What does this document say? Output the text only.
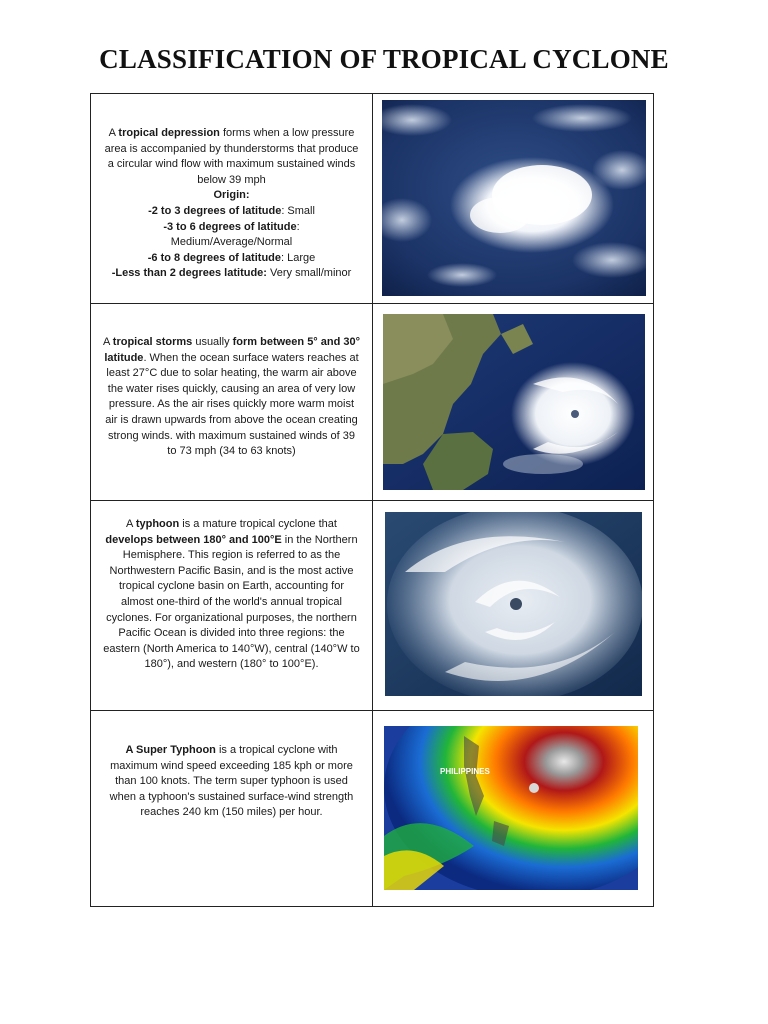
CLASSIFICATION OF TROPICAL CYCLONE

A tropical depression forms when a low pressure area is accompanied by thunderstorms that produce a circular wind flow with maximum sustained winds below 39 mph

Origin:

-2 to 3 degrees of latitude: Small

-3 to 6 degrees of latitude: Medium/Average/Normal

-6 to 8 degrees of latitude: Large

-Less than 2 degrees latitude: Very small/minor

A tropical storms usually form between 5° and 30° latitude. When the ocean surface waters reaches at least 27°C due to solar heating, the warm air above the water rises quickly, causing an area of very low pressure. As the air rises quickly more warm moist air is drawn upwards from above the ocean creating strong winds. with maximum sustained winds of 39 to 73 mph (34 to 63 knots)

A typhoon is a mature tropical cyclone that develops between 180° and 100°E in the Northern Hemisphere. This region is referred to as the Northwestern Pacific Basin, and is the most active tropical cyclone basin on Earth, accounting for almost one-third of the world's annual tropical cyclones. For organizational purposes, the northern Pacific Ocean is divided into three regions: the eastern (North America to 140°W), central (140°W to 180°), and western (180° to 100°E).

A Super Typhoon is a tropical cyclone with maximum wind speed exceeding 185 kph or more than 100 knots. The term super typhoon is used when a typhoon's sustained surface-wind strength reaches 240 km (150 miles) per hour.

PHILIPPINES
